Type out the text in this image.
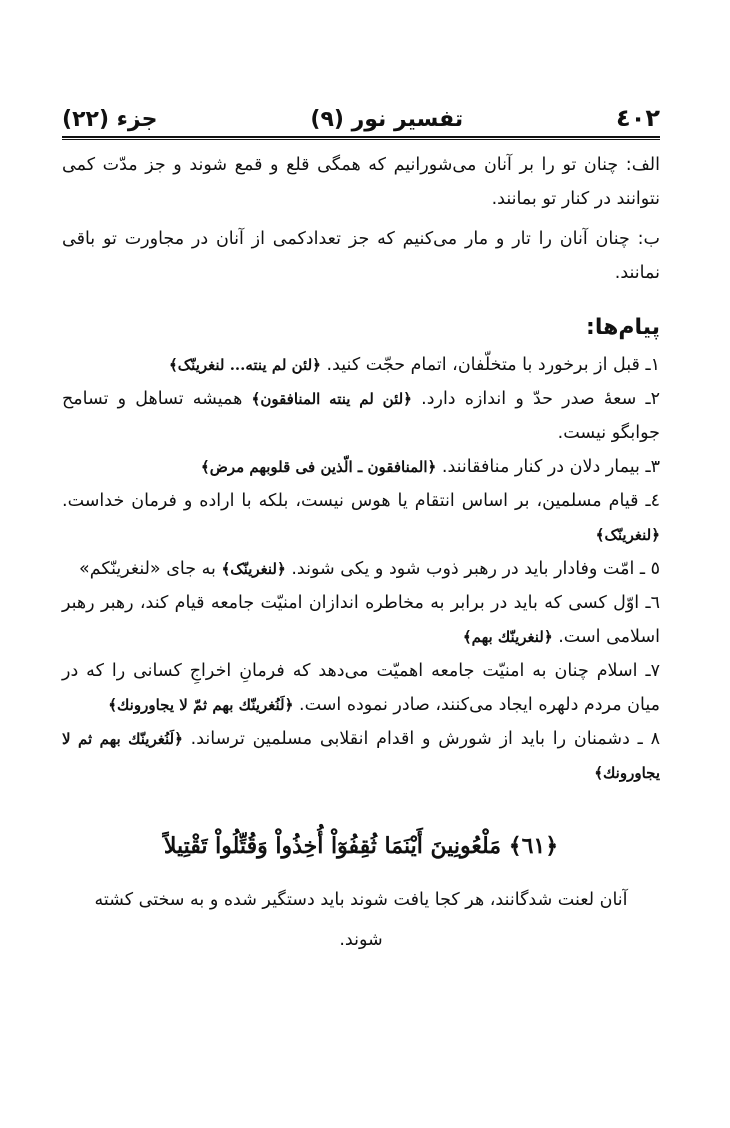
٤٠٢
تفسیر نور (۹)
جزء (۲۲)

الف: چنان تو را بر آنان می‌شورانیم که همگی قلع و قمع شوند و جز مدّت کمی نتوانند در کنار تو بمانند.

ب: چنان آنان را تار و مار می‌کنیم که جز تعدادکمی از آنان در مجاورت تو باقی نمانند.

پیام‌ها:

۱ـ قبل از برخورد با متخلّفان، اتمام حجّت کنید. ﴿لئن لم ینته... لنغرینّک﴾

۲ـ سعهٔ صدر حدّ و اندازه دارد. ﴿لئن لم ینته المنافقون﴾ همیشه تساهل و تسامح جوابگو نیست.

۳ـ بیمار دلان در کنار منافقانند. ﴿المنافقون ـ الّذین فی قلوبهم مرض﴾

٤ـ قیام مسلمین، بر اساس انتقام یا هوس نیست، بلکه با اراده و فرمان خداست. ﴿لنغرینّک﴾

٥ ـ امّت وفادار باید در رهبر ذوب شود و یکی شوند. ﴿لنغرینّک﴾ به جای «لنغرینّکم»

٦ـ اوّل کسی که باید در برابر به مخاطره اندازان امنیّت جامعه قیام کند، رهبر رهبر اسلامی است. ﴿لنغرینّك بهم﴾

۷ـ اسلام چنان به امنیّت جامعه اهمیّت می‌دهد که فرمانِ اخراجِ کسانی را که در میان مردم دلهره ایجاد می‌کنند، صادر نموده است. ﴿لَنُغرینّك بهم ثمّ لا یجاورونك﴾

۸ ـ دشمنان را باید از شورش و اقدام انقلابی مسلمین ترساند. ﴿لَنُغرینّك بهم ثم لا یجاورونك﴾

﴿٦١﴾ مَلْعُونِينَ أَيْنَمَا ثُقِفُوٓاْ أُخِذُواْ وَقُتِّلُواْ تَقْتِيلاً
آنان لعنت شدگانند، هر کجا یافت شوند باید دستگیر شده و به سختی کشته شوند.
